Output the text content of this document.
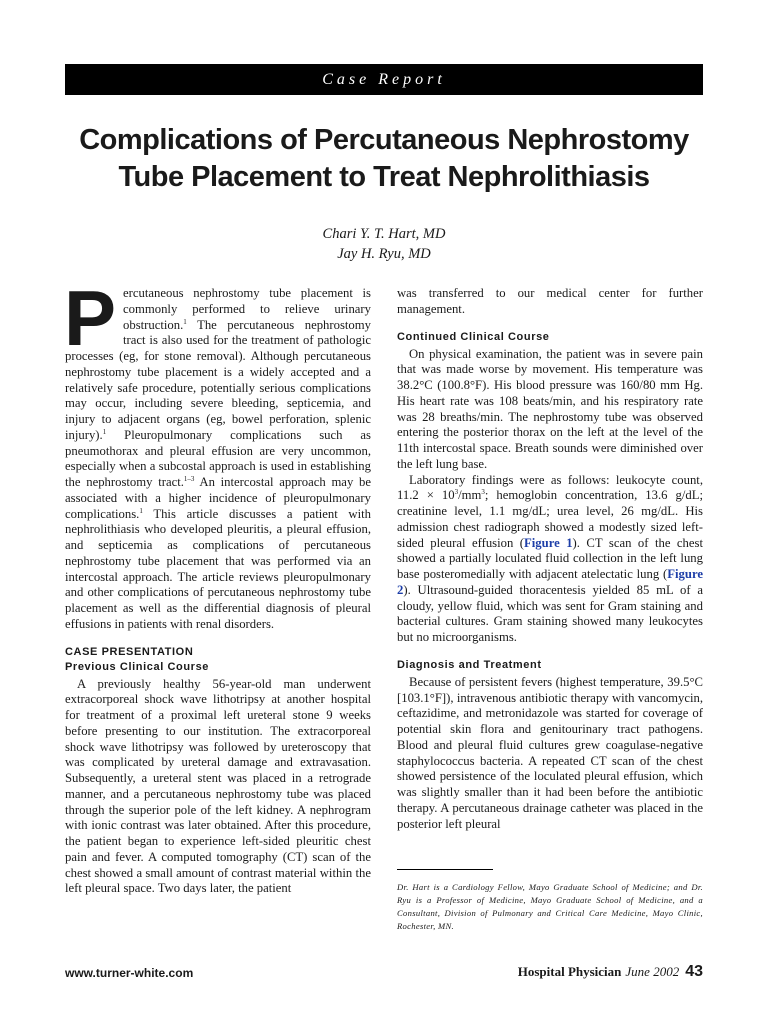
Case Report
Complications of Percutaneous Nephrostomy
Tube Placement to Treat Nephrolithiasis
Chari Y. T. Hart, MD
Jay H. Ryu, MD

Percutaneous nephrostomy tube placement is commonly performed to relieve urinary obstruction.$^1$ The percutaneous nephrostomy tract is also used for the treatment of pathologic processes (eg, for stone removal). Although percutaneous nephrostomy tube placement is a widely accepted and a relatively safe procedure, potentially serious complications may occur, including severe bleeding, septicemia, and injury to adjacent organs (eg, bowel perforation, splenic injury).$^1$ Pleuropulmonary complications such as pneumothorax and pleural effusion are very uncommon, especially when a subcostal approach is used in establishing the nephrostomy tract.$^{1-3}$ An intercostal approach may be associated with a higher incidence of pleuropulmonary complications.$^1$ This article discusses a patient with nephrolithiasis who developed pleuritis, a pleural effusion, and septicemia as complications of percutaneous nephrostomy tube placement that was performed via an intercostal approach. The article reviews pleuropulmonary and other complications of percutaneous nephrostomy tube placement as well as the differential diagnosis of pleural effusions in patients with renal disorders.

CASE PRESENTATION

Previous Clinical Course

A previously healthy 56-year-old man underwent extracorporeal shock wave lithotripsy at another hospital for treatment of a proximal left ureteral stone 9 weeks before presenting to our institution. The extracorporeal shock wave lithotripsy was followed by ureteroscopy that was complicated by ureteral damage and extravasation. Subsequently, a ureteral stent was placed in a retrograde manner, and a percutaneous nephrostomy tube was placed through the superior pole of the left kidney. A nephrogram with ionic contrast was later obtained. After this procedure, the patient began to experience left-sided pleuritic chest pain and fever. A computed tomography (CT) scan of the chest showed a small amount of contrast material within the left pleural space. Two days later, the patient

was transferred to our medical center for further management.

Continued Clinical Course

On physical examination, the patient was in severe pain that was made worse by movement. His temperature was 38.2°C (100.8°F). His blood pressure was 160/80 mm Hg. His heart rate was 108 beats/min, and his respiratory rate was 28 breaths/min. The nephrostomy tube was observed entering the posterior thorax on the left at the level of the 11th intercostal space. Breath sounds were diminished over the left lung base.

Laboratory findings were as follows: leukocyte count, 11.2 × 10$^3$/mm$^3$; hemoglobin concentration, 13.6 g/dL; creatinine level, 1.1 mg/dL; urea level, 26 mg/dL. His admission chest radiograph showed a modestly sized left-sided pleural effusion (Figure 1). CT scan of the chest showed a partially loculated fluid collection in the left lung base posteromedially with adjacent atelectatic lung (Figure 2). Ultrasound-guided thoracentesis yielded 85 mL of a cloudy, yellow fluid, which was sent for Gram staining and bacterial cultures. Gram staining showed many leukocytes but no microorganisms.

Diagnosis and Treatment

Because of persistent fevers (highest temperature, 39.5°C [103.1°F]), intravenous antibiotic therapy with vancomycin, ceftazidime, and metronidazole was started for coverage of potential skin flora and genitourinary tract pathogens. Blood and pleural fluid cultures grew coagulase-negative staphylococcus bacteria. A repeated CT scan of the chest showed persistence of the loculated pleural effusion, which was slightly smaller than it had been before the antibiotic therapy. A percutaneous drainage catheter was placed in the posterior left pleural

Dr. Hart is a Cardiology Fellow, Mayo Graduate School of Medicine; and Dr. Ryu is a Professor of Medicine, Mayo Graduate School of Medicine, and a Consultant, Division of Pulmonary and Critical Care Medicine, Mayo Clinic, Rochester, MN.

www.turner-white.com	Hospital Physician June 2002 43
